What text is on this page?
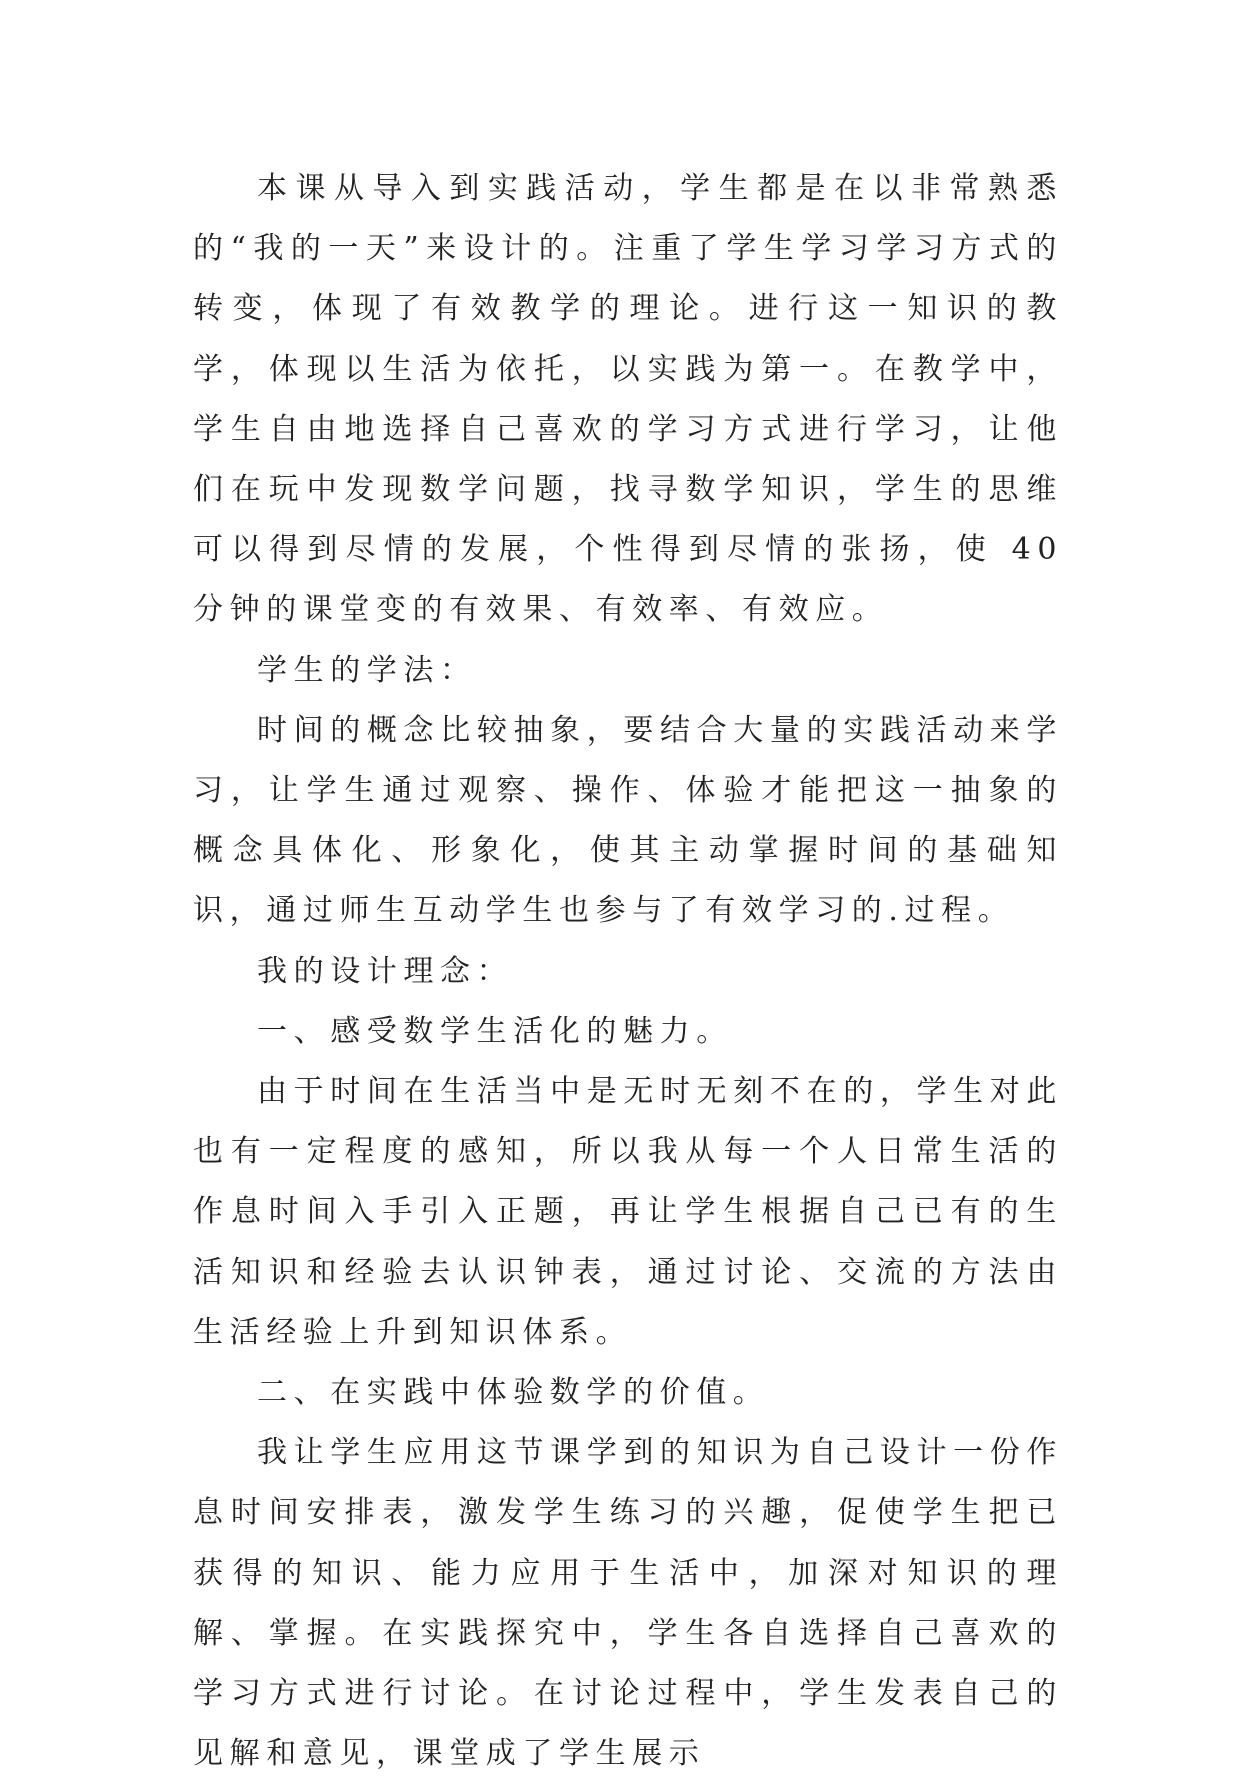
本课从导入到实践活动，学生都是在以非常熟悉的“我的一天”来设计的。注重了学生学习学习方式的转变，体现了有效教学的理论。进行这一知识的教学，体现以生活为依托，以实践为第一。在教学中，学生自由地选择自己喜欢的学习方式进行学习，让他们在玩中发现数学问题，找寻数学知识，学生的思维可以得到尽情的发展，个性得到尽情的张扬，使 40 分钟的课堂变的有效果、有效率、有效应。

学生的学法：

时间的概念比较抽象，要结合大量的实践活动来学习，让学生通过观察、操作、体验才能把这一抽象的概念具体化、形象化，使其主动掌握时间的基础知识，通过师生互动学生也参与了有效学习的.过程。

我的设计理念：

一、感受数学生活化的魅力。

由于时间在生活当中是无时无刻不在的，学生对此也有一定程度的感知，所以我从每一个人日常生活的作息时间入手引入正题，再让学生根据自己已有的生活知识和经验去认识钟表，通过讨论、交流的方法由生活经验上升到知识体系。

二、在实践中体验数学的价值。

我让学生应用这节课学到的知识为自己设计一份作息时间安排表，激发学生练习的兴趣，促使学生把已获得的知识、能力应用于生活中，加深对知识的理解、掌握。在实践探究中，学生各自选择自己喜欢的学习方式进行讨论。在讨论过程中，学生发表自己的见解和意见，课堂成了学生展示
